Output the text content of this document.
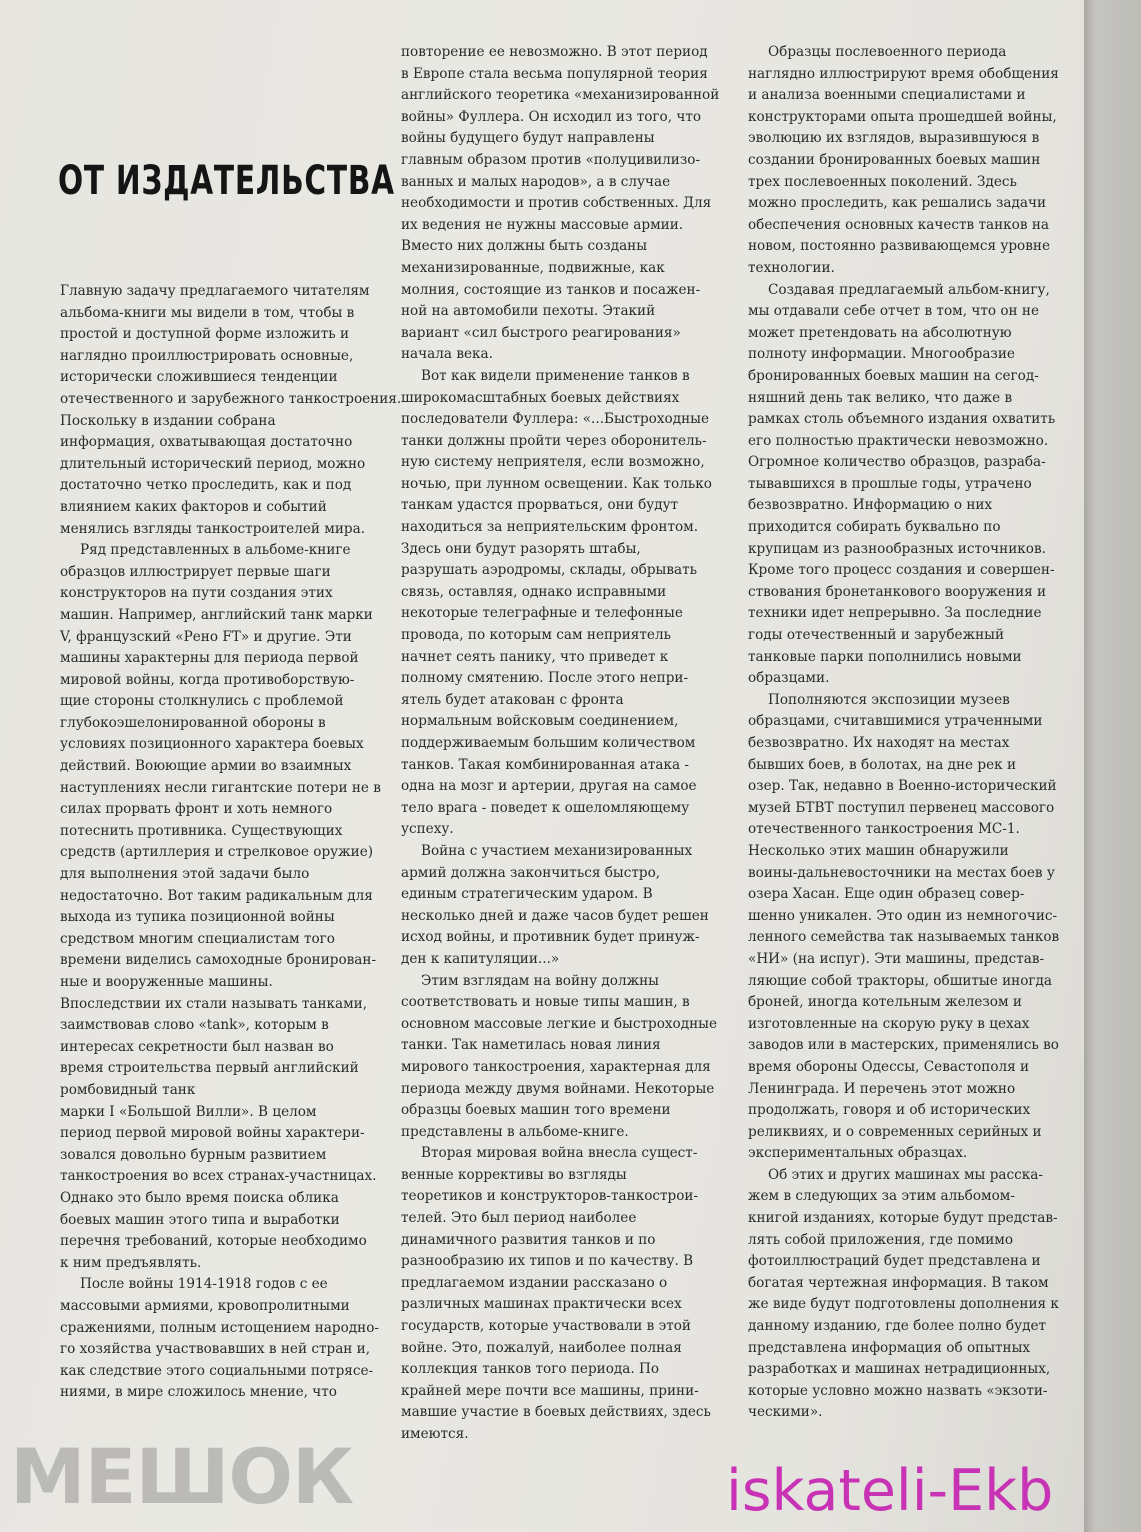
ОТ ИЗДАТЕЛЬСТВА

Главную задачу предлагаемого читателям

альбома-книги мы видели в том, чтобы в

простой и доступной форме изложить и

наглядно проиллюстрировать основные,

исторически сложившиеся тенденции

отечественного и зарубежного танкостроения.

Поскольку в издании собрана

информация, охватывающая достаточно

длительный исторический период, можно

достаточно четко проследить, как и под

влиянием каких факторов и событий

менялись взгляды танкостроителей мира.

Ряд представленных в альбоме-книге

образцов иллюстрирует первые шаги

конструкторов на пути создания этих

машин. Например, английский танк марки

V, французский «Рено FT» и другие. Эти

машины характерны для периода первой

мировой войны, когда противоборствую-

щие стороны столкнулись с проблемой

глубокоэшелонированной обороны в

условиях позиционного характера боевых

действий. Воюющие армии во взаимных

наступлениях несли гигантские потери не в

силах прорвать фронт и хоть немного

потеснить противника. Существующих

средств (артиллерия и стрелковое оружие)

для выполнения этой задачи было

недостаточно. Вот таким радикальным для

выхода из тупика позиционной войны

средством многим специалистам того

времени виделись самоходные бронирован-

ные и вооруженные машины.

Впоследствии их стали называть танками,

заимствовав слово «tank», которым в

интересах секретности был назван во

время строительства первый английский

ромбовидный танк

марки I «Большой Вилли». В целом

период первой мировой войны характери-

зовался довольно бурным развитием

танкостроения во всех странах-участницах.

Однако это было время поиска облика

боевых машин этого типа и выработки

перечня требований, которые необходимо

к ним предъявлять.

После войны 1914-1918 годов с ее

массовыми армиями, кровопролитными

сражениями, полным истощением народно-

го хозяйства участвовавших в ней стран и,

как следствие этого социальными потрясе-

ниями, в мире сложилось мнение, что

повторение ее невозможно. В этот период

в Европе стала весьма популярной теория

английского теоретика «механизированной

войны» Фуллера. Он исходил из того, что

войны будущего будут направлены

главным образом против «полуцивилизо-

ванных и малых народов», а в случае

необходимости и против собственных. Для

их ведения не нужны массовые армии.

Вместо них должны быть созданы

механизированные, подвижные, как

молния, состоящие из танков и посажен-

ной на автомобили пехоты. Этакий

вариант «сил быстрого реагирования»

начала века.

Вот как видели применение танков в

широкомасштабных боевых действиях

последователи Фуллера: «...Быстроходные

танки должны пройти через оборонитель-

ную систему неприятеля, если возможно,

ночью, при лунном освещении. Как только

танкам удастся прорваться, они будут

находиться за неприятельским фронтом.

Здесь они будут разорять штабы,

разрушать аэродромы, склады, обрывать

связь, оставляя, однако исправными

некоторые телеграфные и телефонные

провода, по которым сам неприятель

начнет сеять панику, что приведет к

полному смятению. После этого непри-

ятель будет атакован с фронта

нормальным войсковым соединением,

поддерживаемым большим количеством

танков. Такая комбинированная атака -

одна на мозг и артерии, другая на самое

тело врага - поведет к ошеломляющему

успеху.

Война с участием механизированных

армий должна закончиться быстро,

единым стратегическим ударом. В

несколько дней и даже часов будет решен

исход войны, и противник будет принуж-

ден к капитуляции...»

Этим взглядам на войну должны

соответствовать и новые типы машин, в

основном массовые легкие и быстроходные

танки. Так наметилась новая линия

мирового танкостроения, характерная для

периода между двумя войнами. Некоторые

образцы боевых машин того времени

представлены в альбоме-книге.

Вторая мировая война внесла сущест-

венные коррективы во взгляды

теоретиков и конструкторов-танкострои-

телей. Это был период наиболее

динамичного развития танков и по

разнообразию их типов и по качеству. В

предлагаемом издании рассказано о

различных машинах практически всех

государств, которые участвовали в этой

войне. Это, пожалуй, наиболее полная

коллекция танков того периода. По

крайней мере почти все машины, прини-

мавшие участие в боевых действиях, здесь

имеются.

Образцы послевоенного периода

наглядно иллюстрируют время обобщения

и анализа военными специалистами и

конструкторами опыта прошедшей войны,

эволюцию их взглядов, выразившуюся в

создании бронированных боевых машин

трех послевоенных поколений. Здесь

можно проследить, как решались задачи

обеспечения основных качеств танков на

новом, постоянно развивающемся уровне

технологии.

Создавая предлагаемый альбом-книгу,

мы отдавали себе отчет в том, что он не

может претендовать на абсолютную

полноту информации. Многообразие

бронированных боевых машин на сегод-

няшний день так велико, что даже в

рамках столь объемного издания охватить

его полностью практически невозможно.

Огромное количество образцов, разраба-

тывавшихся в прошлые годы, утрачено

безвозвратно. Информацию о них

приходится собирать буквально по

крупицам из разнообразных источников.

Кроме того процесс создания и совершен-

ствования бронетанкового вооружения и

техники идет непрерывно. За последние

годы отечественный и зарубежный

танковые парки пополнились новыми

образцами.

Пополняются экспозиции музеев

образцами, считавшимися утраченными

безвозвратно. Их находят на местах

бывших боев, в болотах, на дне рек и

озер. Так, недавно в Военно-исторический

музей БТВТ поступил первенец массового

отечественного танкостроения МС-1.

Несколько этих машин обнаружили

воины-дальневосточники на местах боев у

озера Хасан. Еще один образец совер-

шенно уникален. Это один из немногочис-

ленного семейства так называемых танков

«НИ» (на испуг). Эти машины, представ-

ляющие собой тракторы, обшитые иногда

броней, иногда котельным железом и

изготовленные на скорую руку в цехах

заводов или в мастерских, применялись во

время обороны Одессы, Севастополя и

Ленинграда. И перечень этот можно

продолжать, говоря и об исторических

реликвиях, и о современных серийных и

экспериментальных образцах.

Об этих и других машинах мы расска-

жем в следующих за этим альбомом-

книгой изданиях, которые будут представ-

лять собой приложения, где помимо

фотоиллюстраций будет представлена и

богатая чертежная информация. В таком

же виде будут подготовлены дополнения к

данному изданию, где более полно будет

представлена информация об опытных

разработках и машинах нетрадиционных,

которые условно можно назвать «экзоти-

ческими».

МЕШОК	iskateli-Ekb
